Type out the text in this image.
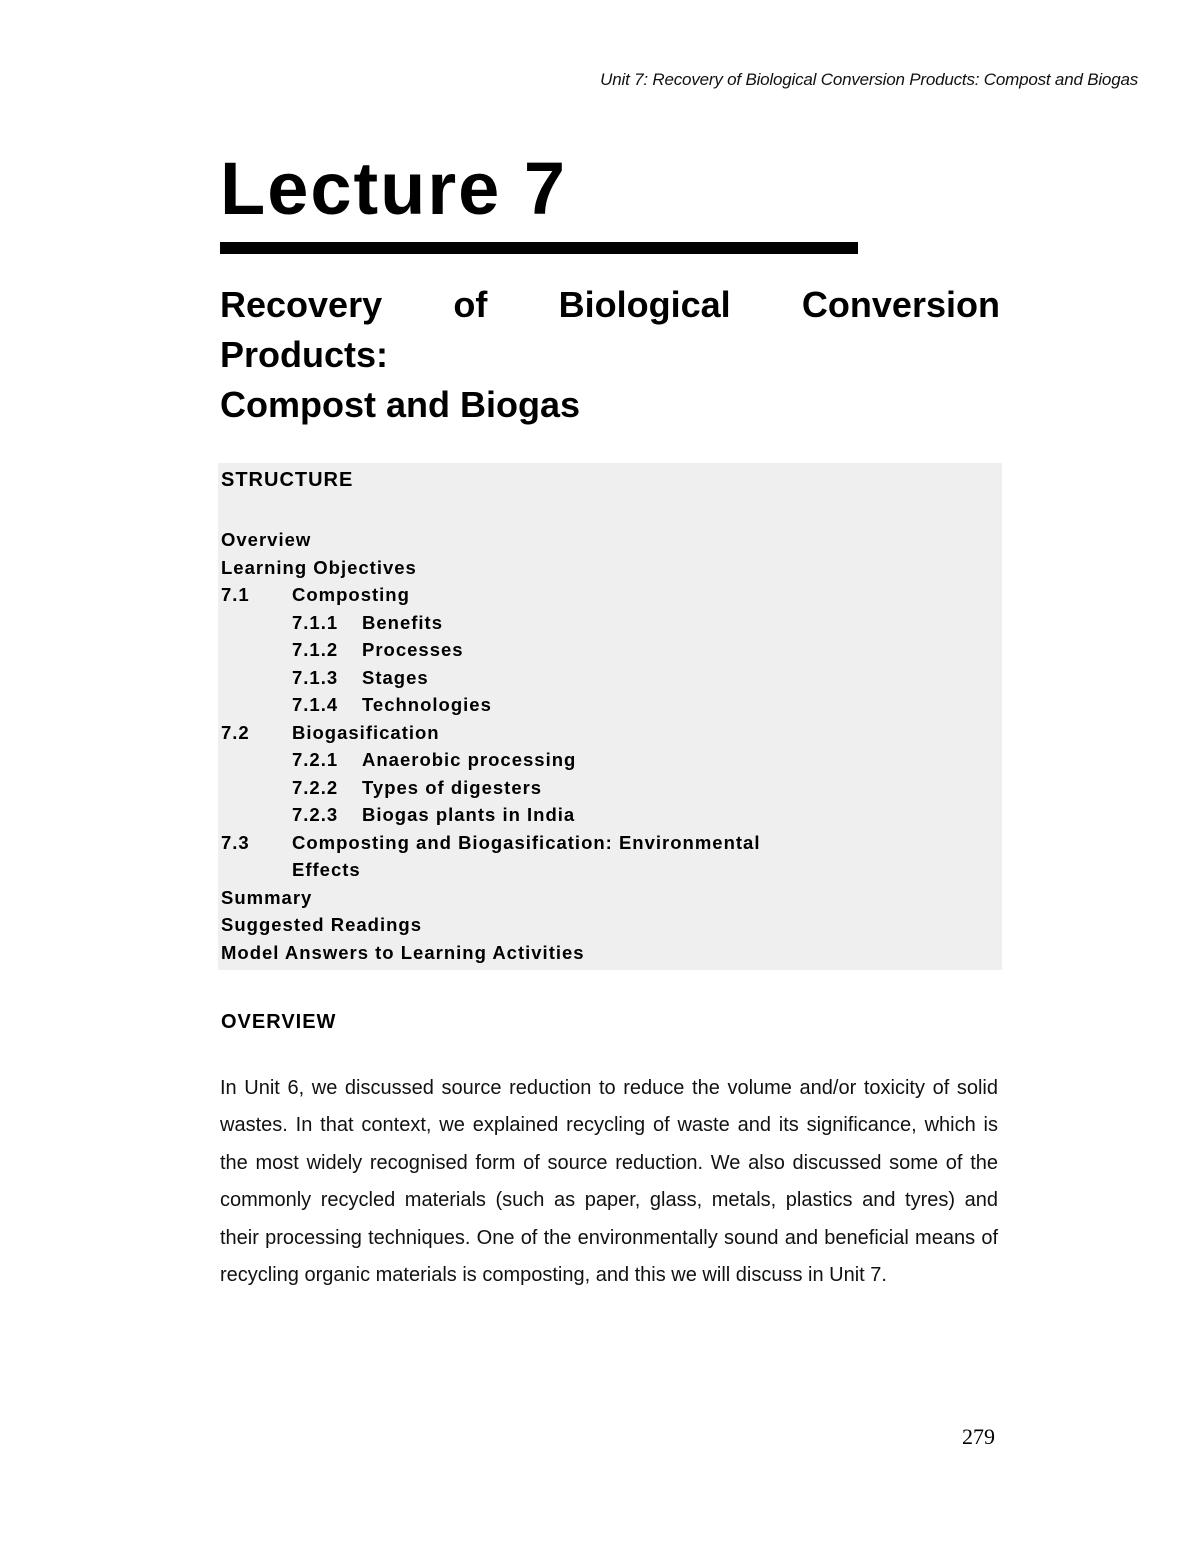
Unit 7: Recovery of Biological Conversion Products: Compost and Biogas
Lecture 7
Recovery of Biological Conversion
Products:
Compost and Biogas
STRUCTURE
Overview
Learning Objectives
7.1 Composting
7.1.1 Benefits
7.1.2 Processes
7.1.3 Stages
7.1.4 Technologies
7.2 Biogasification
7.2.1 Anaerobic processing
7.2.2 Types of digesters
7.2.3 Biogas plants in India
7.3 Composting and Biogasification: Environmental
Effects
Summary
Suggested Readings
Model Answers to Learning Activities
OVERVIEW
In Unit 6, we discussed source reduction to reduce the volume and/or toxicity of solid wastes. In that context, we explained recycling of waste and its significance, which is the most widely recognised form of source reduction. We also discussed some of the commonly recycled materials (such as paper, glass, metals, plastics and tyres) and their processing techniques. One of the environmentally sound and beneficial means of recycling organic materials is composting, and this we will discuss in Unit 7.
279
